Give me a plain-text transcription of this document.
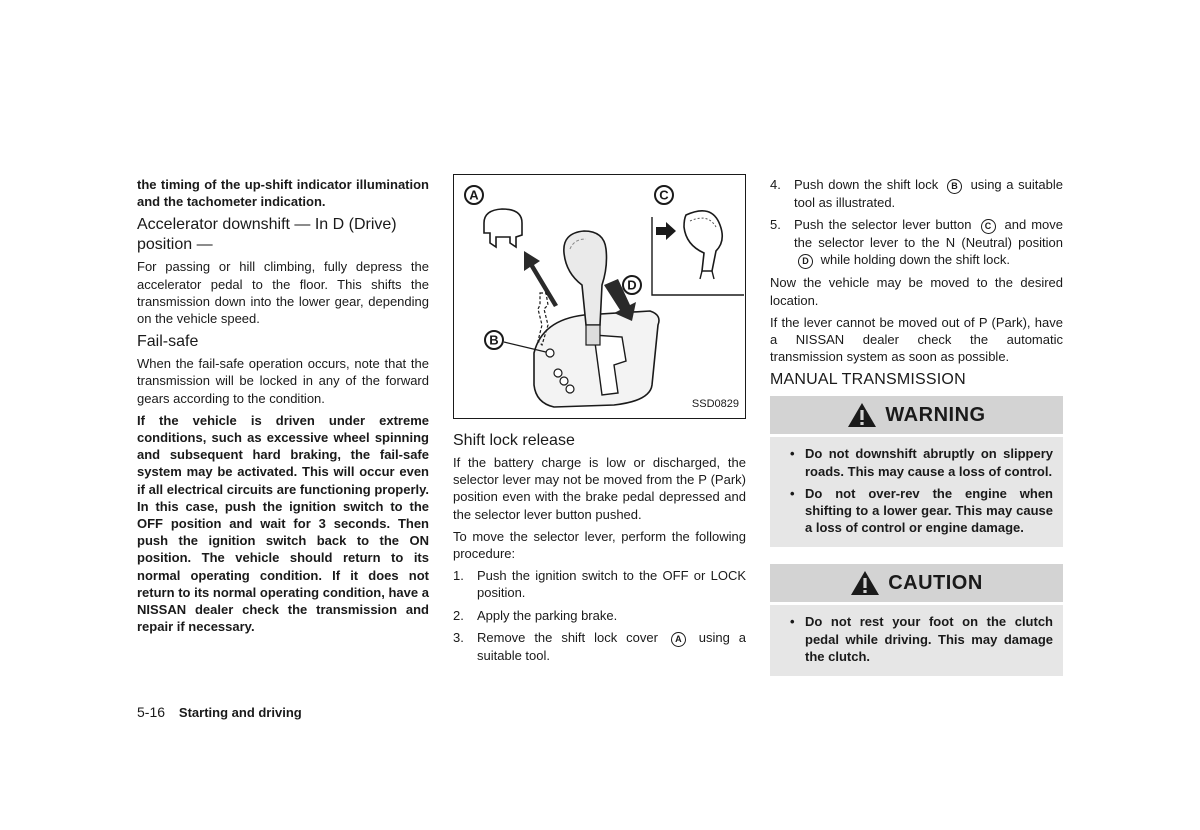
the timing of the up-shift indicator illumination and the tachometer indication.

Accelerator downshift — In D (Drive)
position —

For passing or hill climbing, fully depress the accelerator pedal to the floor. This shifts the transmission down into the lower gear, depending on the vehicle speed.

Fail-safe

When the fail-safe operation occurs, note that the transmission will be locked in any of the forward gears according to the condition.

If the vehicle is driven under extreme conditions, such as excessive wheel spinning and subsequent hard braking, the fail-safe system may be activated. This will occur even if all electrical circuits are functioning properly. In this case, push the ignition switch to the OFF position and wait for 3 seconds. Then push the ignition switch back to the ON position. The vehicle should return to its normal operating condition. If it does not return to its normal operating condition, have a NISSAN dealer check the transmission and repair if necessary.

A	C
D
B
SSD0829
Shift lock release

If the battery charge is low or discharged, the selector lever may not be moved from the P (Park) position even with the brake pedal depressed and the selector lever button pushed.

To move the selector lever, perform the following procedure:

1. Push the ignition switch to the OFF or LOCK position.
2. Apply the parking brake.
3. Remove the shift lock cover A using a suitable tool.
4. Push down the shift lock B using a suitable tool as illustrated.
5. Push the selector lever button C and move the selector lever to the N (Neutral) position D while holding down the shift lock.

Now the vehicle may be moved to the desired location.

If the lever cannot be moved out of P (Park), have a NISSAN dealer check the automatic transmission system as soon as possible.

MANUAL TRANSMISSION
WARNING
• Do not downshift abruptly on slippery roads. This may cause a loss of control.
• Do not over-rev the engine when shifting to a lower gear. This may cause a loss of control or engine damage.
CAUTION
• Do not rest your foot on the clutch pedal while driving. This may damage the clutch.
5-16 Starting and driving
